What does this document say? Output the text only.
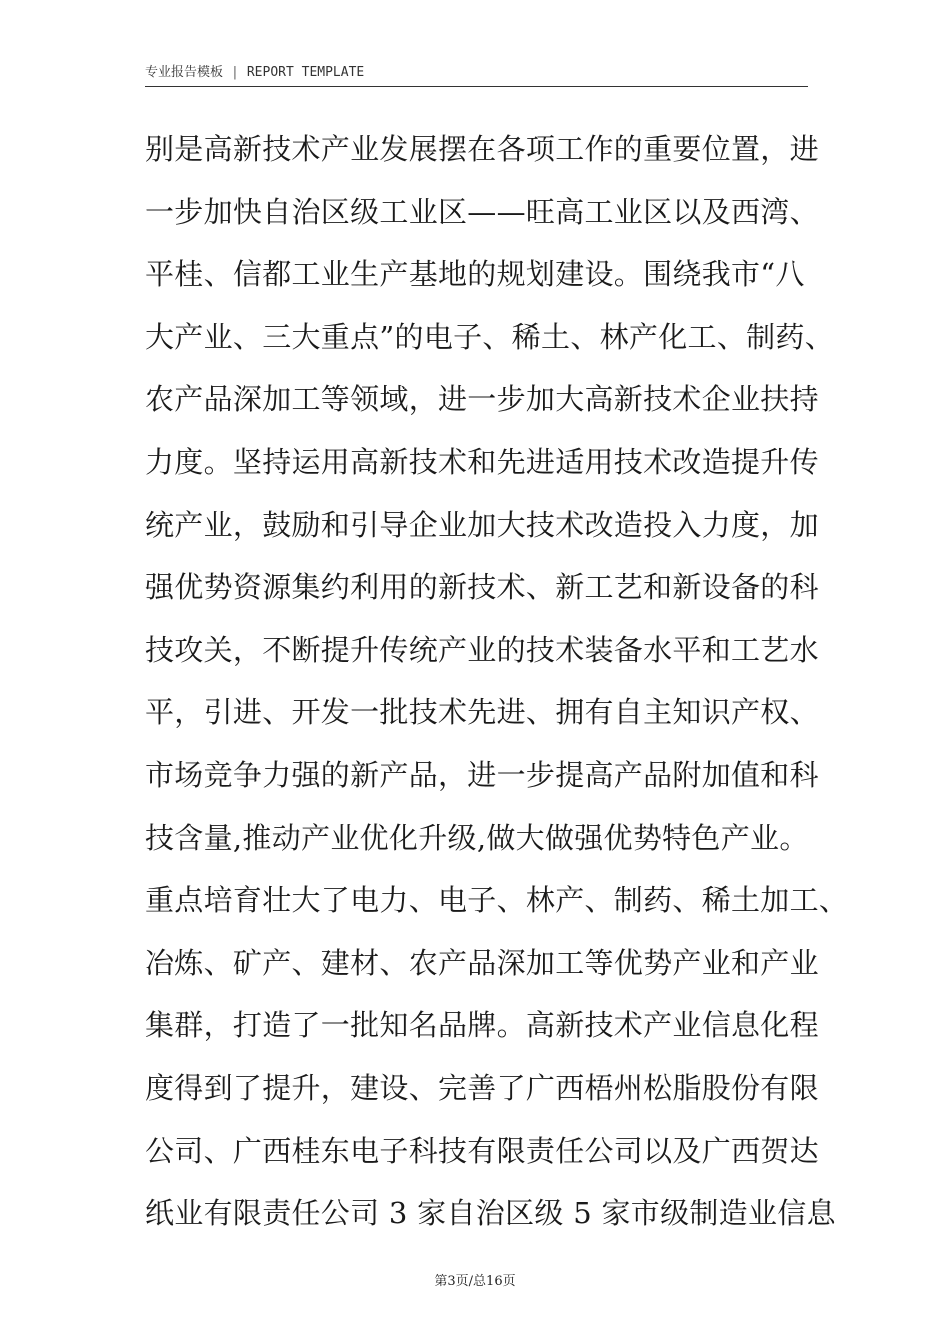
专业报告模板 | REPORT TEMPLATE
别是高新技术产业发展摆在各项工作的重要位置，进
一步加快自治区级工业区——旺高工业区以及西湾、
平桂、信都工业生产基地的规划建设。围绕我市“八
大产业、三大重点”的电子、稀土、林产化工、制药、
农产品深加工等领域，进一步加大高新技术企业扶持
力度。坚持运用高新技术和先进适用技术改造提升传
统产业，鼓励和引导企业加大技术改造投入力度，加
强优势资源集约利用的新技术、新工艺和新设备的科
技攻关，不断提升传统产业的技术装备水平和工艺水
平，引进、开发一批技术先进、拥有自主知识产权、
市场竞争力强的新产品，进一步提高产品附加值和科
技含量,推动产业优化升级,做大做强优势特色产业。
重点培育壮大了电力、电子、林产、制药、稀土加工、
冶炼、矿产、建材、农产品深加工等优势产业和产业
集群，打造了一批知名品牌。高新技术产业信息化程
度得到了提升，建设、完善了广西梧州松脂股份有限
公司、广西桂东电子科技有限责任公司以及广西贺达
纸业有限责任公司 3 家自治区级 5 家市级制造业信息
第3页/总16页
